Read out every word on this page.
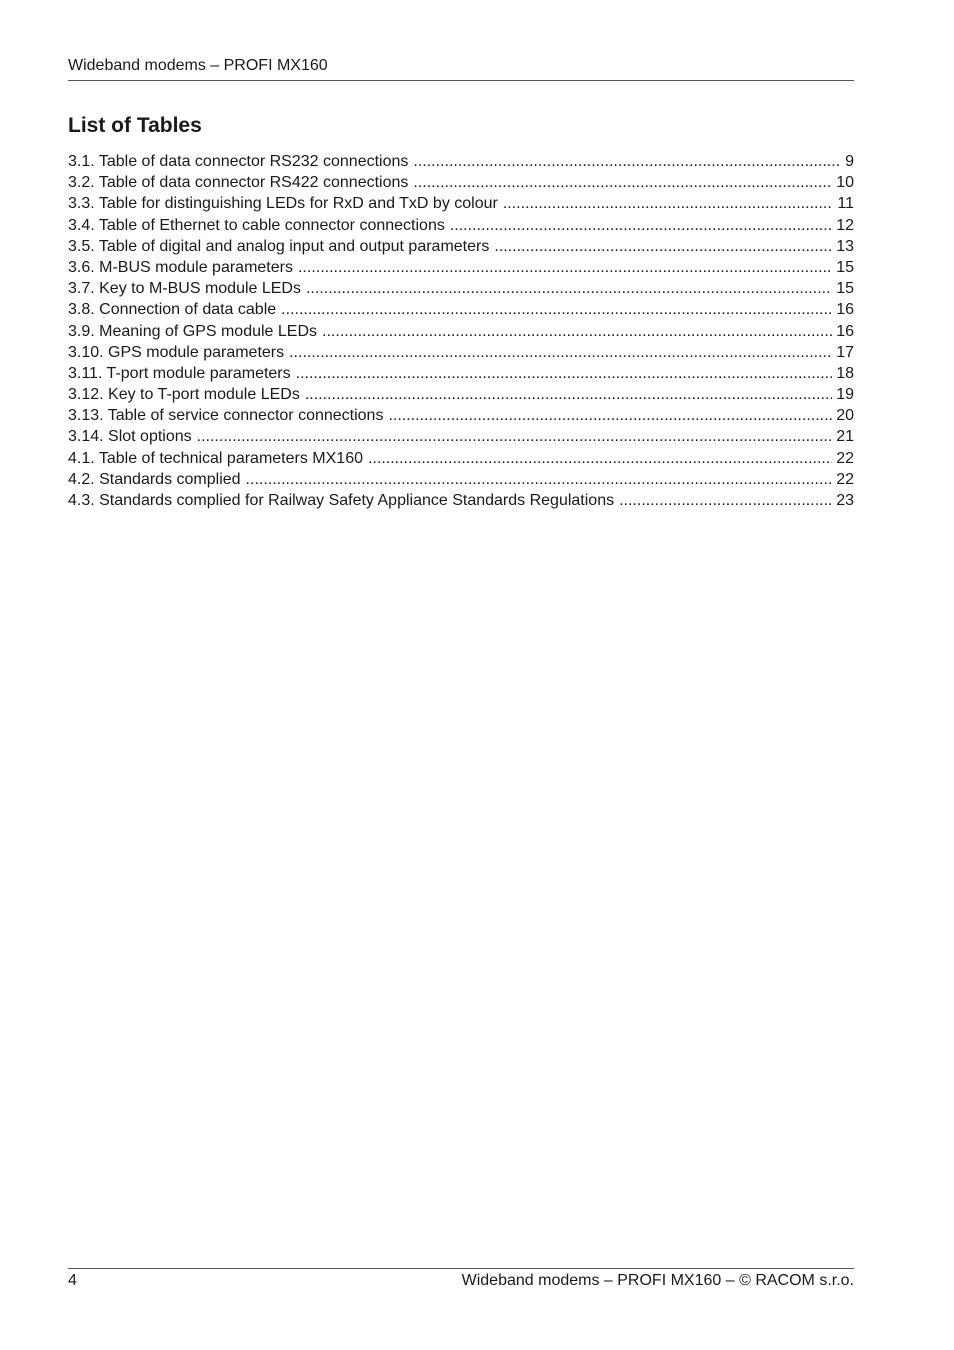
Wideband modems – PROFI MX160
List of Tables
3.1. Table of data connector RS232 connections .....	9
3.2. Table of data connector RS422 connections .....	10
3.3. Table for distinguishing LEDs for RxD and TxD by colour .....	11
3.4. Table of Ethernet to cable connector connections .....	12
3.5. Table of digital and analog input and output parameters .....	13
3.6. M-BUS module parameters .....	15
3.7. Key to M-BUS module LEDs .....	15
3.8. Connection of data cable .....	16
3.9. Meaning of GPS module LEDs .....	16
3.10. GPS module parameters .....	17
3.11. T-port module parameters .....	18
3.12. Key to T-port module LEDs .....	19
3.13. Table of service connector connections .....	20
3.14. Slot options .....	21
4.1. Table of technical parameters MX160 .....	22
4.2. Standards complied .....	22
4.3. Standards complied for Railway Safety Appliance Standards Regulations .....	23
4	Wideband modems – PROFI MX160 – © RACOM s.r.o.
